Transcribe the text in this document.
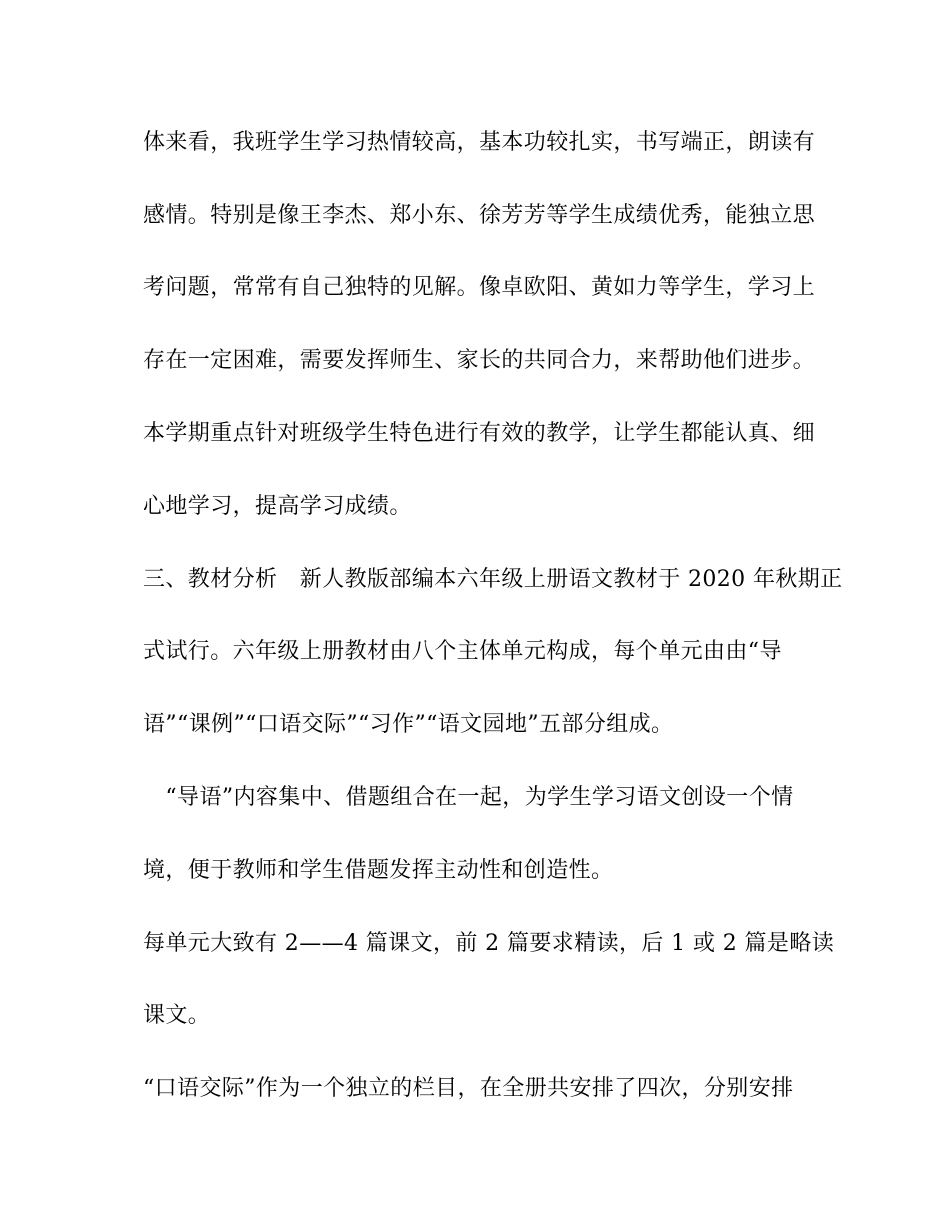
体来看，我班学生学习热情较高，基本功较扎实，书写端正，朗读有
感情。特别是像王李杰、郑小东、徐芳芳等学生成绩优秀，能独立思
考问题，常常有自己独特的见解。像卓欧阳、黄如力等学生，学习上
存在一定困难，需要发挥师生、家长的共同合力，来帮助他们进步。
本学期重点针对班级学生特色进行有效的教学，让学生都能认真、细
心地学习，提高学习成绩。
三、教材分析　新人教版部编本六年级上册语文教材于 2020 年秋期正
式试行。六年级上册教材由八个主体单元构成，每个单元由由“导
语”“课例”“口语交际”“习作”“语文园地”五部分组成。
　“导语”内容集中、借题组合在一起，为学生学习语文创设一个情
境，便于教师和学生借题发挥主动性和创造性。
每单元大致有 2——4 篇课文，前 2 篇要求精读，后 1 或 2 篇是略读
课文。
“口语交际”作为一个独立的栏目，在全册共安排了四次，分别安排
